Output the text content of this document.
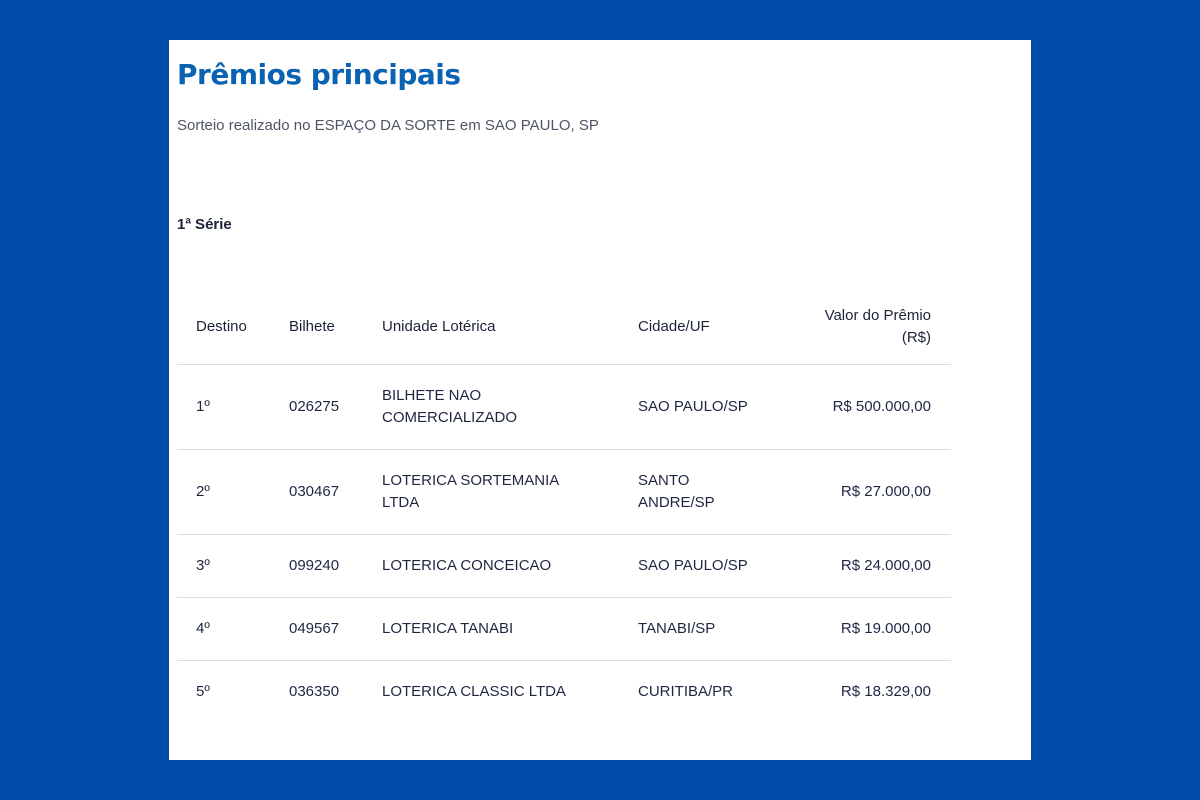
Prêmios principais
Sorteio realizado no ESPAÇO DA SORTE em SAO PAULO, SP
1ª Série
Destino	Bilhete	Unidade Lotérica	Cidade/UF	Valor do Prêmio (R$)
1º	026275	BILHETE NAO COMERCIALIZADO	SAO PAULO/SP	R$ 500.000,00
2º	030467	LOTERICA SORTEMANIA LTDA	SANTO ANDRE/SP	R$ 27.000,00
3º	099240	LOTERICA CONCEICAO	SAO PAULO/SP	R$ 24.000,00
4º	049567	LOTERICA TANABI	TANABI/SP	R$ 19.000,00
5º	036350	LOTERICA CLASSIC LTDA	CURITIBA/PR	R$ 18.329,00
